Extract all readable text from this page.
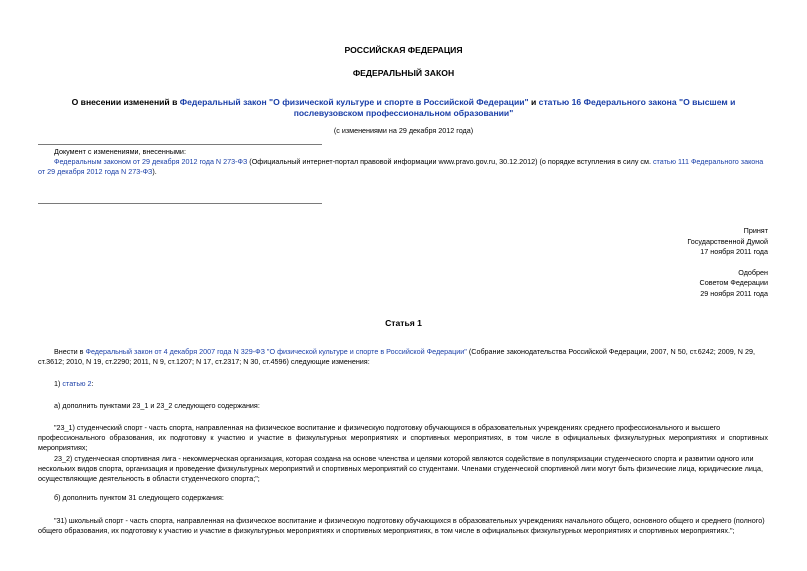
РОССИЙСКАЯ ФЕДЕРАЦИЯ
ФЕДЕРАЛЬНЫЙ ЗАКОН
О внесении изменений в Федеральный закон "О физической культуре и спорте в Российской Федерации" и статью 16 Федерального закона "О высшем и
послевузовском профессиональном образовании"
(с изменениями на 29 декабря 2012 года)
Документ с изменениями, внесенными:
Федеральным законом от 29 декабря 2012 года N 273-ФЗ (Официальный интернет-портал правовой информации www.pravo.gov.ru, 30.12.2012) (о порядке вступления в силу см. статью 111 Федерального закона
от 29 декабря 2012 года N 273-ФЗ).
Принят
Государственной Думой
17 ноября 2011 года
Одобрен
Советом Федерации
29 ноября 2011 года
Статья 1
Внести в Федеральный закон от 4 декабря 2007 года N 329-ФЗ "О физической культуре и спорте в Российской Федерации" (Собрание законодательства Российской Федерации, 2007, N 50, ст.6242; 2009, N 29,
ст.3612; 2010, N 19, ст.2290; 2011, N 9, ст.1207; N 17, ст.2317; N 30, ст.4596) следующие изменения:
1) статью 2:
а) дополнить пунктами 23_1 и 23_2 следующего содержания:
"23_1) студенческий спорт - часть спорта, направленная на физическое воспитание и физическую подготовку обучающихся в образовательных учреждениях среднего профессионального и высшего
профессионального образования, их подготовку к участию и участие в физкультурных мероприятиях и спортивных мероприятиях, в том числе в официальных физкультурных мероприятиях и спортивных мероприятиях;
23_2) студенческая спортивная лига - некоммерческая организация, которая создана на основе членства и целями которой являются содействие в популяризации студенческого спорта и развитии одного или
нескольких видов спорта, организация и проведение физкультурных мероприятий и спортивных мероприятий со студентами. Членами студенческой спортивной лиги могут быть физические лица, юридические лица,
осуществляющие деятельность в области студенческого спорта;";
б) дополнить пунктом 31 следующего содержания:
"31) школьный спорт - часть спорта, направленная на физическое воспитание и физическую подготовку обучающихся в образовательных учреждениях начального общего, основного общего и среднего (полного)
общего образования, их подготовку к участию и участие в физкультурных мероприятиях и спортивных мероприятиях, в том числе в официальных физкультурных мероприятиях и спортивных мероприятиях.";
